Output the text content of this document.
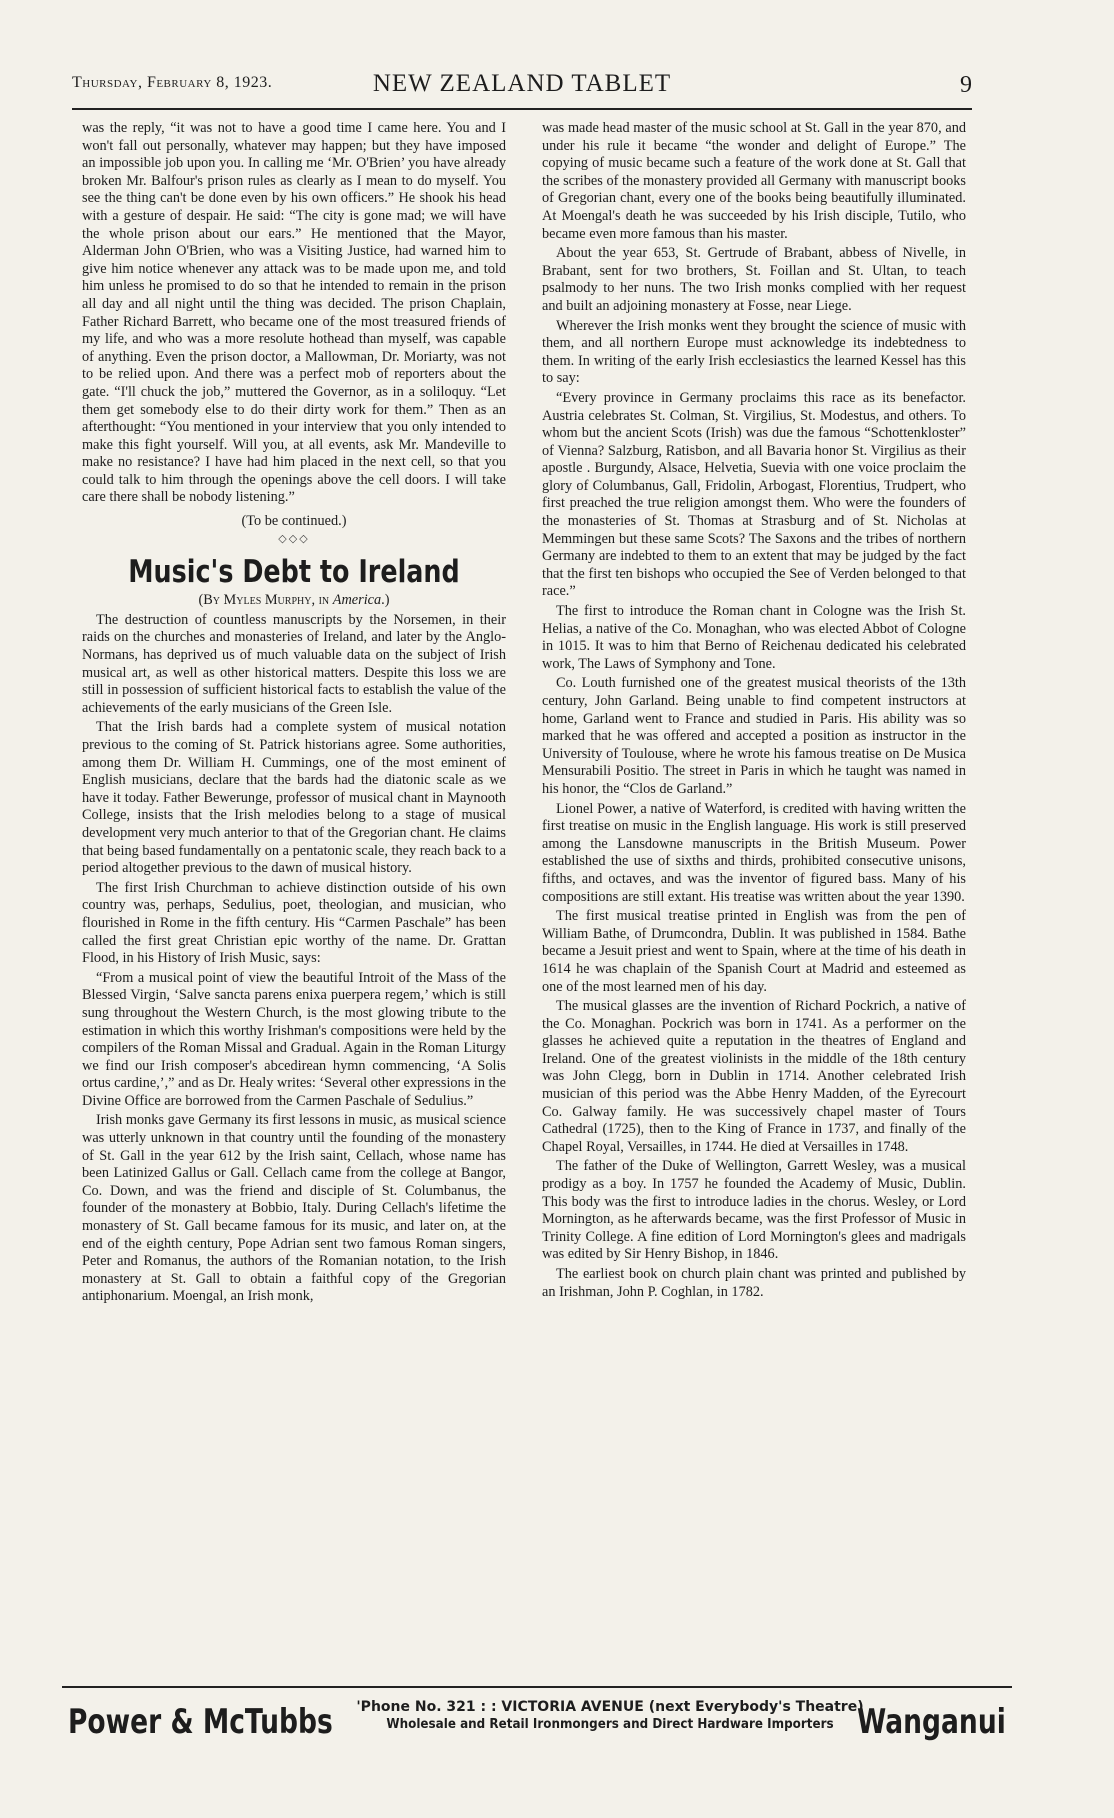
Thursday, February 8, 1923.	NEW ZEALAND TABLET	9

was the reply, “it was not to have a good time I came here. You and I won't fall out personally, whatever may happen; but they have imposed an impossible job upon you. In calling me ‘Mr. O'Brien’ you have already broken Mr. Balfour's prison rules as clearly as I mean to do myself. You see the thing can't be done even by his own officers.” He shook his head with a gesture of despair. He said: “The city is gone mad; we will have the whole prison about our ears.” He mentioned that the Mayor, Alderman John O'Brien, who was a Visiting Justice, had warned him to give him notice whenever any attack was to be made upon me, and told him unless he promised to do so that he intended to remain in the prison all day and all night until the thing was decided. The prison Chaplain, Father Richard Barrett, who became one of the most treasured friends of my life, and who was a more resolute hothead than myself, was capable of anything. Even the prison doctor, a Mallowman, Dr. Moriarty, was not to be relied upon. And there was a perfect mob of reporters about the gate. “I'll chuck the job,” muttered the Governor, as in a soliloquy. “Let them get somebody else to do their dirty work for them.” Then as an afterthought: “You mentioned in your interview that you only intended to make this fight yourself. Will you, at all events, ask Mr. Mandeville to make no resistance? I have had him placed in the next cell, so that you could talk to him through the openings above the cell doors. I will take care there shall be nobody listening.”

(To be continued.)

◇◇◇
Music's Debt to Ireland

(By Myles Murphy, in America.)

The destruction of countless manuscripts by the Norsemen, in their raids on the churches and monasteries of Ireland, and later by the Anglo-Normans, has deprived us of much valuable data on the subject of Irish musical art, as well as other historical matters. Despite this loss we are still in possession of sufficient historical facts to establish the value of the achievements of the early musicians of the Green Isle.

That the Irish bards had a complete system of musical notation previous to the coming of St. Patrick historians agree. Some authorities, among them Dr. William H. Cummings, one of the most eminent of English musicians, declare that the bards had the diatonic scale as we have it today. Father Bewerunge, professor of musical chant in Maynooth College, insists that the Irish melodies belong to a stage of musical development very much anterior to that of the Gregorian chant. He claims that being based fundamentally on a pentatonic scale, they reach back to a period altogether previous to the dawn of musical history.

The first Irish Churchman to achieve distinction outside of his own country was, perhaps, Sedulius, poet, theologian, and musician, who flourished in Rome in the fifth century. His “Carmen Paschale” has been called the first great Christian epic worthy of the name. Dr. Grattan Flood, in his History of Irish Music, says:

“From a musical point of view the beautiful Introit of the Mass of the Blessed Virgin, ‘Salve sancta parens enixa puerpera regem,’ which is still sung throughout the Western Church, is the most glowing tribute to the estimation in which this worthy Irishman's compositions were held by the compilers of the Roman Missal and Gradual. Again in the Roman Liturgy we find our Irish composer's abcedirean hymn commencing, ‘A Solis ortus cardine,’,” and as Dr. Healy writes: ‘Several other expressions in the Divine Office are borrowed from the Carmen Paschale of Sedulius.”

Irish monks gave Germany its first lessons in music, as musical science was utterly unknown in that country until the founding of the monastery of St. Gall in the year 612 by the Irish saint, Cellach, whose name has been Latinized Gallus or Gall. Cellach came from the college at Bangor, Co. Down, and was the friend and disciple of St. Columbanus, the founder of the monastery at Bobbio, Italy. During Cellach's lifetime the monastery of St. Gall became famous for its music, and later on, at the end of the eighth century, Pope Adrian sent two famous Roman singers, Peter and Romanus, the authors of the Romanian notation, to the Irish monastery at St. Gall to obtain a faithful copy of the Gregorian antiphonarium. Moengal, an Irish monk,

was made head master of the music school at St. Gall in the year 870, and under his rule it became “the wonder and delight of Europe.” The copying of music became such a feature of the work done at St. Gall that the scribes of the monastery provided all Germany with manuscript books of Gregorian chant, every one of the books being beautifully illuminated. At Moengal's death he was succeeded by his Irish disciple, Tutilo, who became even more famous than his master.

About the year 653, St. Gertrude of Brabant, abbess of Nivelle, in Brabant, sent for two brothers, St. Foillan and St. Ultan, to teach psalmody to her nuns. The two Irish monks complied with her request and built an adjoining monastery at Fosse, near Liege.

Wherever the Irish monks went they brought the science of music with them, and all northern Europe must acknowledge its indebtedness to them. In writing of the early Irish ecclesiastics the learned Kessel has this to say:

“Every province in Germany proclaims this race as its benefactor. Austria celebrates St. Colman, St. Virgilius, St. Modestus, and others. To whom but the ancient Scots (Irish) was due the famous “Schottenkloster” of Vienna? Salzburg, Ratisbon, and all Bavaria honor St. Virgilius as their apostle . Burgundy, Alsace, Helvetia, Suevia with one voice proclaim the glory of Columbanus, Gall, Fridolin, Arbogast, Florentius, Trudpert, who first preached the true religion amongst them. Who were the founders of the monasteries of St. Thomas at Strasburg and of St. Nicholas at Memmingen but these same Scots? The Saxons and the tribes of northern Germany are indebted to them to an extent that may be judged by the fact that the first ten bishops who occupied the See of Verden belonged to that race.”

The first to introduce the Roman chant in Cologne was the Irish St. Helias, a native of the Co. Monaghan, who was elected Abbot of Cologne in 1015. It was to him that Berno of Reichenau dedicated his celebrated work, The Laws of Symphony and Tone.

Co. Louth furnished one of the greatest musical theorists of the 13th century, John Garland. Being unable to find competent instructors at home, Garland went to France and studied in Paris. His ability was so marked that he was offered and accepted a position as instructor in the University of Toulouse, where he wrote his famous treatise on De Musica Mensurabili Positio. The street in Paris in which he taught was named in his honor, the “Clos de Garland.”

Lionel Power, a native of Waterford, is credited with having written the first treatise on music in the English language. His work is still preserved among the Lansdowne manuscripts in the British Museum. Power established the use of sixths and thirds, prohibited consecutive unisons, fifths, and octaves, and was the inventor of figured bass. Many of his compositions are still extant. His treatise was written about the year 1390.

The first musical treatise printed in English was from the pen of William Bathe, of Drumcondra, Dublin. It was published in 1584. Bathe became a Jesuit priest and went to Spain, where at the time of his death in 1614 he was chaplain of the Spanish Court at Madrid and esteemed as one of the most learned men of his day.

The musical glasses are the invention of Richard Pockrich, a native of the Co. Monaghan. Pockrich was born in 1741. As a performer on the glasses he achieved quite a reputation in the theatres of England and Ireland. One of the greatest violinists in the middle of the 18th century was John Clegg, born in Dublin in 1714. Another celebrated Irish musician of this period was the Abbe Henry Madden, of the Eyrecourt Co. Galway family. He was successively chapel master of Tours Cathedral (1725), then to the King of France in 1737, and finally of the Chapel Royal, Versailles, in 1744. He died at Versailles in 1748.

The father of the Duke of Wellington, Garrett Wesley, was a musical prodigy as a boy. In 1757 he founded the Academy of Music, Dublin. This body was the first to introduce ladies in the chorus. Wesley, or Lord Mornington, as he afterwards became, was the first Professor of Music in Trinity College. A fine edition of Lord Mornington's glees and madrigals was edited by Sir Henry Bishop, in 1846.

The earliest book on church plain chant was printed and published by an Irishman, John P. Coghlan, in 1782.

Power & McTubbs	'Phone No. 321 : : VICTORIA AVENUE (next Everybody's Theatre)
Wholesale and Retail Ironmongers and Direct Hardware Importers Wanganui
